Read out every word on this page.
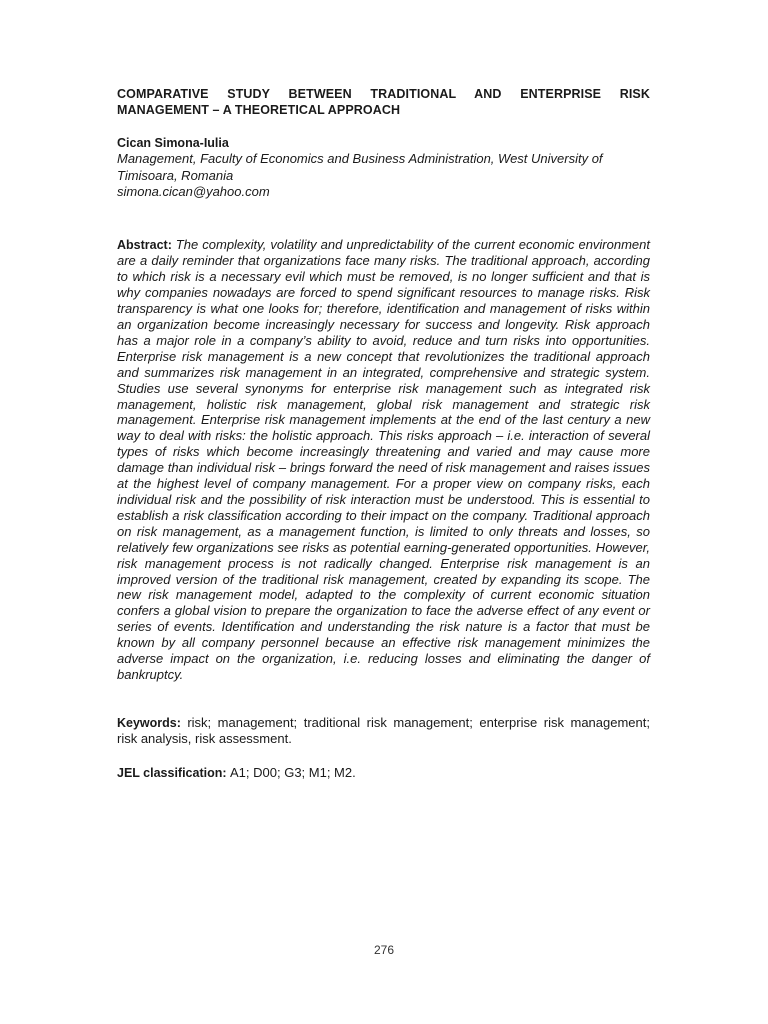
COMPARATIVE STUDY BETWEEN TRADITIONAL AND ENTERPRISE RISK MANAGEMENT – A THEORETICAL APPROACH

Cican Simona-Iulia

Management, Faculty of Economics and Business Administration, West University of Timisoara, Romania

simona.cican@yahoo.com

Abstract: The complexity, volatility and unpredictability of the current economic environment are a daily reminder that organizations face many risks. The traditional approach, according to which risk is a necessary evil which must be removed, is no longer sufficient and that is why companies nowadays are forced to spend significant resources to manage risks. Risk transparency is what one looks for; therefore, identification and management of risks within an organization become increasingly necessary for success and longevity. Risk approach has a major role in a company’s ability to avoid, reduce and turn risks into opportunities. Enterprise risk management is a new concept that revolutionizes the traditional approach and summarizes risk management in an integrated, comprehensive and strategic system. Studies use several synonyms for enterprise risk management such as integrated risk management, holistic risk management, global risk management and strategic risk management. Enterprise risk management implements at the end of the last century a new way to deal with risks: the holistic approach. This risks approach – i.e. interaction of several types of risks which become increasingly threatening and varied and may cause more damage than individual risk – brings forward the need of risk management and raises issues at the highest level of company management. For a proper view on company risks, each individual risk and the possibility of risk interaction must be understood. This is essential to establish a risk classification according to their impact on the company. Traditional approach on risk management, as a management function, is limited to only threats and losses, so relatively few organizations see risks as potential earning-generated opportunities. However, risk management process is not radically changed. Enterprise risk management is an improved version of the traditional risk management, created by expanding its scope. The new risk management model, adapted to the complexity of current economic situation confers a global vision to prepare the organization to face the adverse effect of any event or series of events. Identification and understanding the risk nature is a factor that must be known by all company personnel because an effective risk management minimizes the adverse impact on the organization, i.e. reducing losses and eliminating the danger of bankruptcy.
Keywords: risk; management; traditional risk management; enterprise risk management; risk analysis, risk assessment.
JEL classification: A1; D00; G3; M1; M2.
276
